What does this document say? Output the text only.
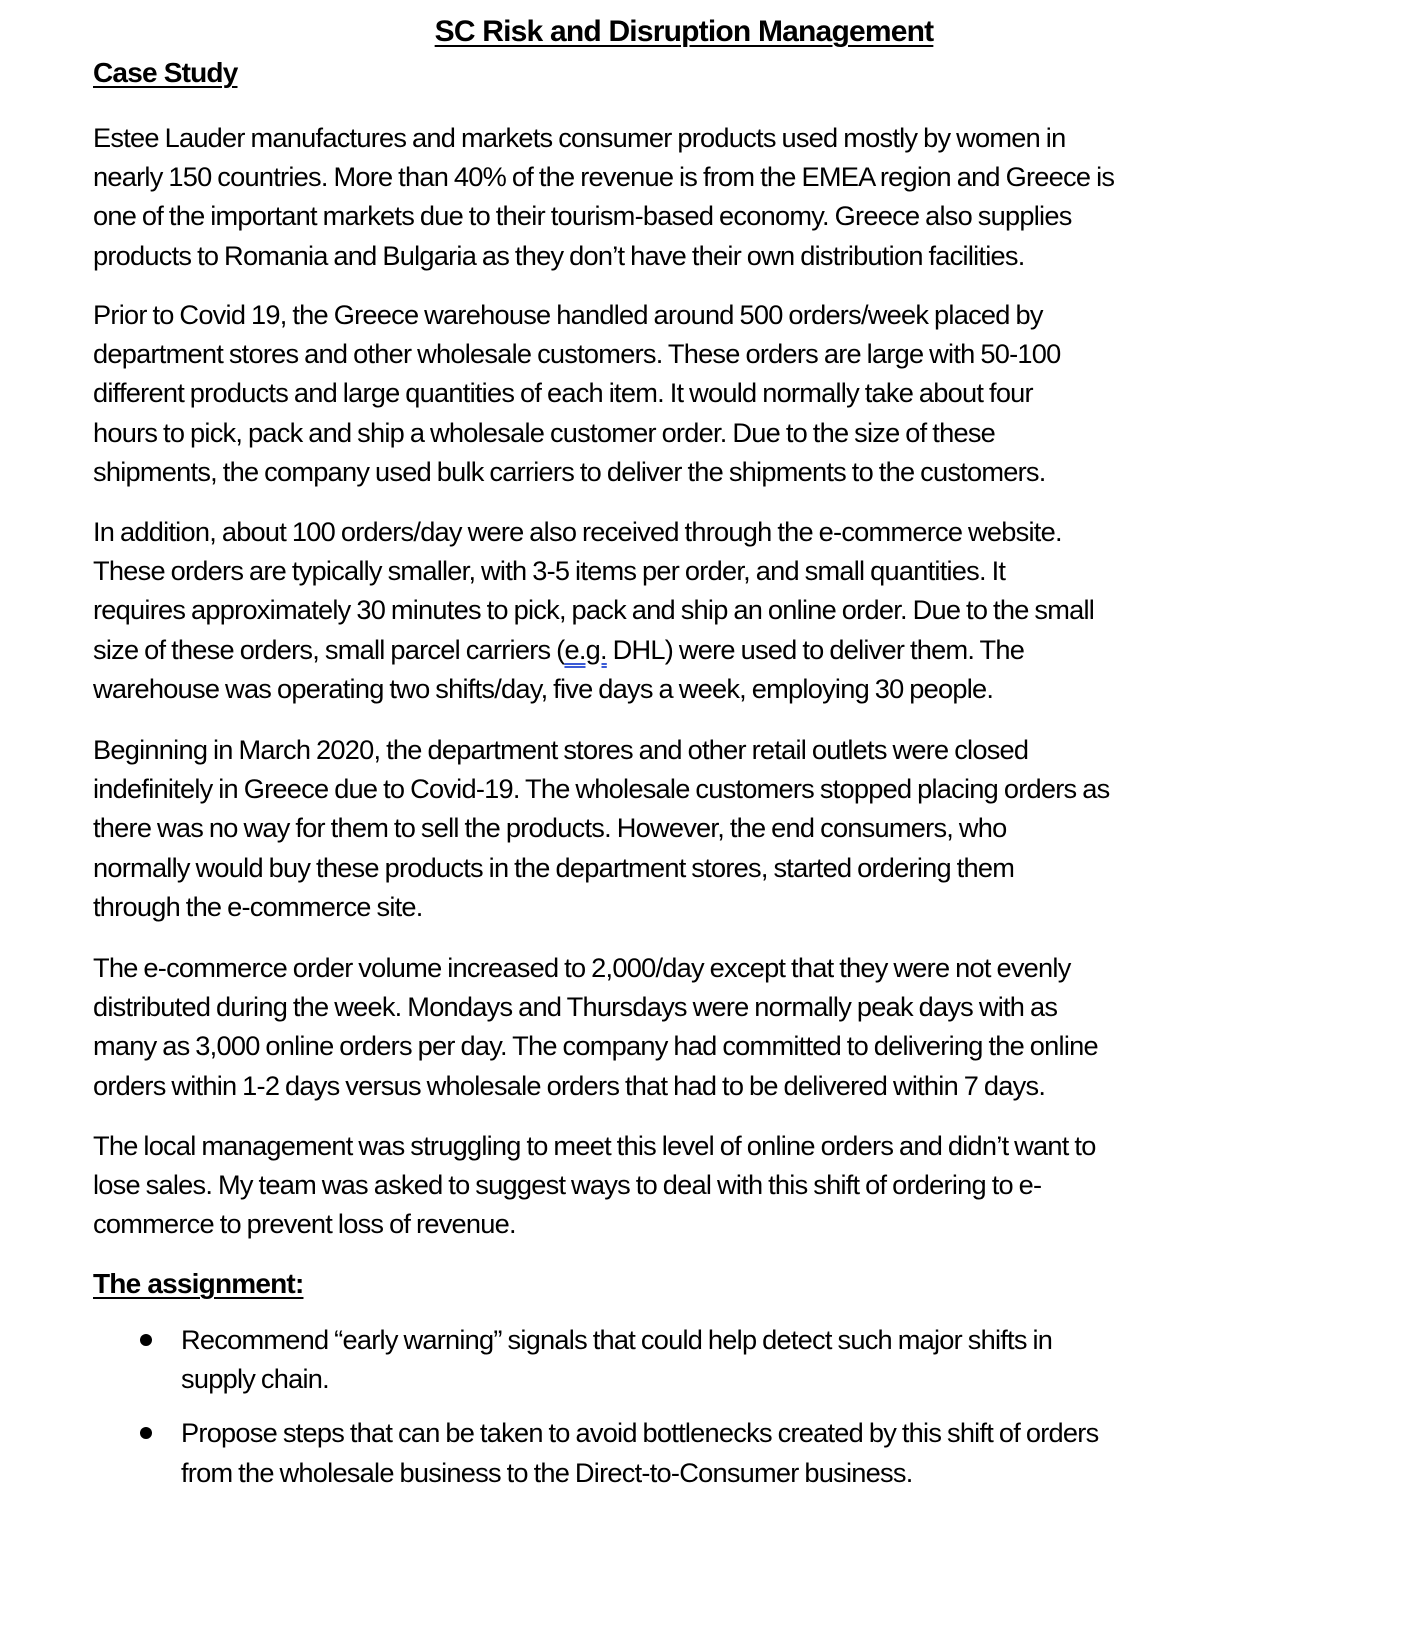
SC Risk and Disruption Management
Case Study

Estee Lauder manufactures and markets consumer products used mostly by women in
nearly 150 countries. More than 40% of the revenue is from the EMEA region and Greece is
one of the important markets due to their tourism-based economy. Greece also supplies
products to Romania and Bulgaria as they don’t have their own distribution facilities.

Prior to Covid 19, the Greece warehouse handled around 500 orders/week placed by
department stores and other wholesale customers. These orders are large with 50-100
different products and large quantities of each item. It would normally take about four
hours to pick, pack and ship a wholesale customer order. Due to the size of these
shipments, the company used bulk carriers to deliver the shipments to the customers.

In addition, about 100 orders/day were also received through the e-commerce website.
These orders are typically smaller, with 3-5 items per order, and small quantities. It
requires approximately 30 minutes to pick, pack and ship an online order. Due to the small
size of these orders, small parcel carriers (e.g. DHL) were used to deliver them. The
warehouse was operating two shifts/day, five days a week, employing 30 people.

Beginning in March 2020, the department stores and other retail outlets were closed
indefinitely in Greece due to Covid-19. The wholesale customers stopped placing orders as
there was no way for them to sell the products. However, the end consumers, who
normally would buy these products in the department stores, started ordering them
through the e-commerce site.

The e-commerce order volume increased to 2,000/day except that they were not evenly
distributed during the week. Mondays and Thursdays were normally peak days with as
many as 3,000 online orders per day. The company had committed to delivering the online
orders within 1-2 days versus wholesale orders that had to be delivered within 7 days.

The local management was struggling to meet this level of online orders and didn’t want to
lose sales. My team was asked to suggest ways to deal with this shift of ordering to e-
commerce to prevent loss of revenue.

The assignment:
Recommend “early warning” signals that could help detect such major shifts in
supply chain.
Propose steps that can be taken to avoid bottlenecks created by this shift of orders
from the wholesale business to the Direct-to-Consumer business.
